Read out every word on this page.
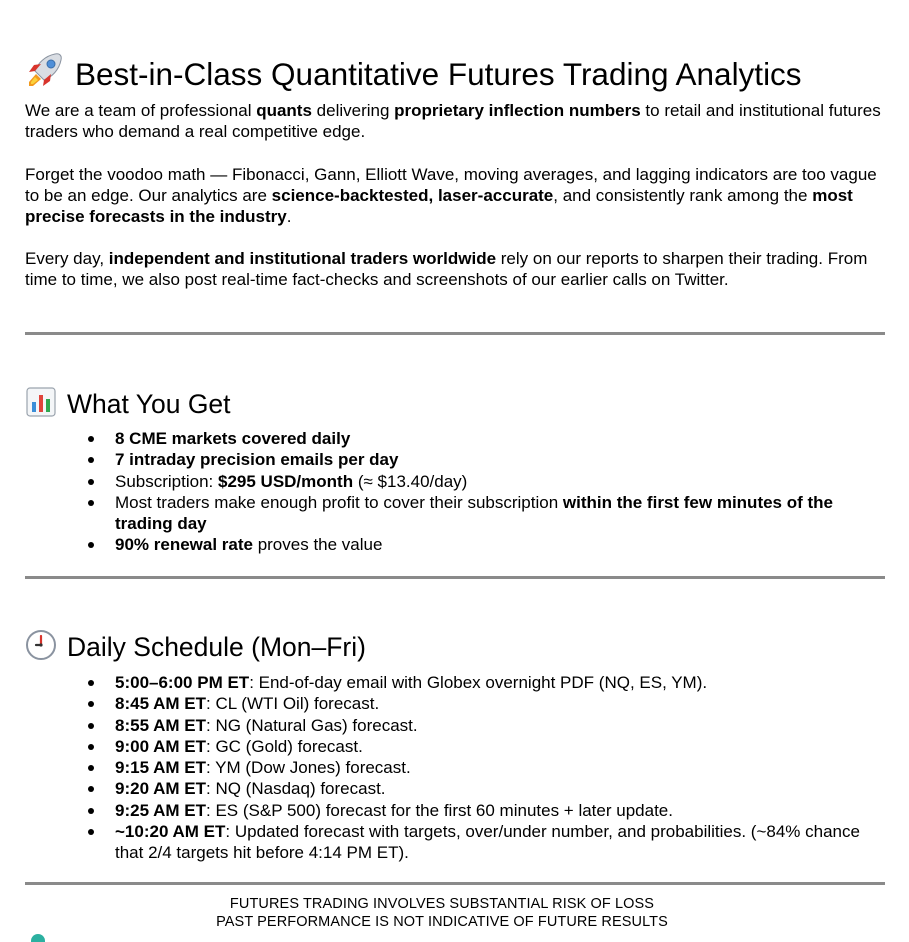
Best-in-Class Quantitative Futures Trading Analytics

We are a team of professional quants delivering proprietary inflection numbers to retail and institutional futures traders who demand a real competitive edge.

Forget the voodoo math — Fibonacci, Gann, Elliott Wave, moving averages, and lagging indicators are too vague to be an edge. Our analytics are science-backtested, laser-accurate, and consistently rank among the most precise forecasts in the industry.

Every day, independent and institutional traders worldwide rely on our reports to sharpen their trading. From time to time, we also post real-time fact-checks and screenshots of our earlier calls on Twitter.

What You Get
8 CME markets covered daily
7 intraday precision emails per day
Subscription: $295 USD/month (≈ $13.40/day)
Most traders make enough profit to cover their subscription within the first few minutes of the trading day
90% renewal rate proves the value
Daily Schedule (Mon–Fri)
5:00–6:00 PM ET: End-of-day email with Globex overnight PDF (NQ, ES, YM).
8:45 AM ET: CL (WTI Oil) forecast.
8:55 AM ET: NG (Natural Gas) forecast.
9:00 AM ET: GC (Gold) forecast.
9:15 AM ET: YM (Dow Jones) forecast.
9:20 AM ET: NQ (Nasdaq) forecast.
9:25 AM ET: ES (S&P 500) forecast for the first 60 minutes + later update.
~10:20 AM ET: Updated forecast with targets, over/under number, and probabilities. (~84% chance that 2/4 targets hit before 4:14 PM ET).
FUTURES TRADING INVOLVES SUBSTANTIAL RISK OF LOSS
PAST PERFORMANCE IS NOT INDICATIVE OF FUTURE RESULTS
